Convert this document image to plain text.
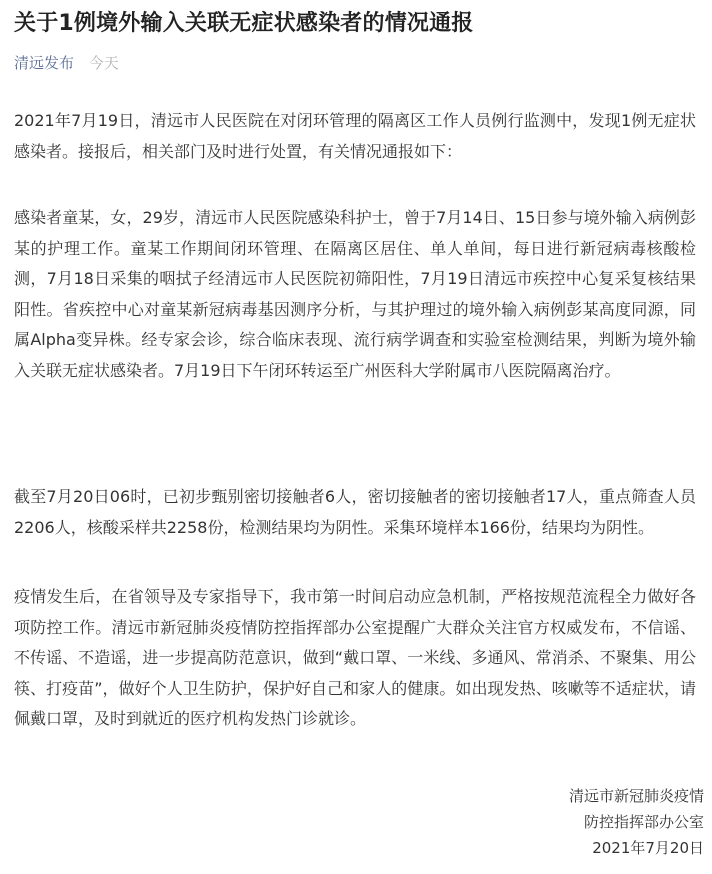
关于1例境外输入关联无症状感染者的情况通报
清远发布 今天

2021年7月19日，清远市人民医院在对闭环管理的隔离区工作人员例行监测中，发现1例无症状感染者。接报后，相关部门及时进行处置，有关情况通报如下：

感染者童某，女，29岁，清远市人民医院感染科护士，曾于7月14日、15日参与境外输入病例彭某的护理工作。童某工作期间闭环管理、在隔离区居住、单人单间，每日进行新冠病毒核酸检测，7月18日采集的咽拭子经清远市人民医院初筛阳性，7月19日清远市疾控中心复采复核结果阳性。省疾控中心对童某新冠病毒基因测序分析，与其护理过的境外输入病例彭某高度同源，同属Alpha变异株。经专家会诊，综合临床表现、流行病学调查和实验室检测结果，判断为境外输入关联无症状感染者。7月19日下午闭环转运至广州医科大学附属市八医院隔离治疗。

截至7月20日06时，已初步甄别密切接触者6人，密切接触者的密切接触者17人，重点筛查人员2206人，核酸采样共2258份，检测结果均为阴性。采集环境样本166份，结果均为阴性。

疫情发生后，在省领导及专家指导下，我市第一时间启动应急机制，严格按规范流程全力做好各项防控工作。清远市新冠肺炎疫情防控指挥部办公室提醒广大群众关注官方权威发布，不信谣、不传谣、不造谣，进一步提高防范意识，做到“戴口罩、一米线、多通风、常消杀、不聚集、用公筷、打疫苗”，做好个人卫生防护，保护好自己和家人的健康。如出现发热、咳嗽等不适症状，请佩戴口罩，及时到就近的医疗机构发热门诊就诊。

清远市新冠肺炎疫情
防控指挥部办公室
2021年7月20日
